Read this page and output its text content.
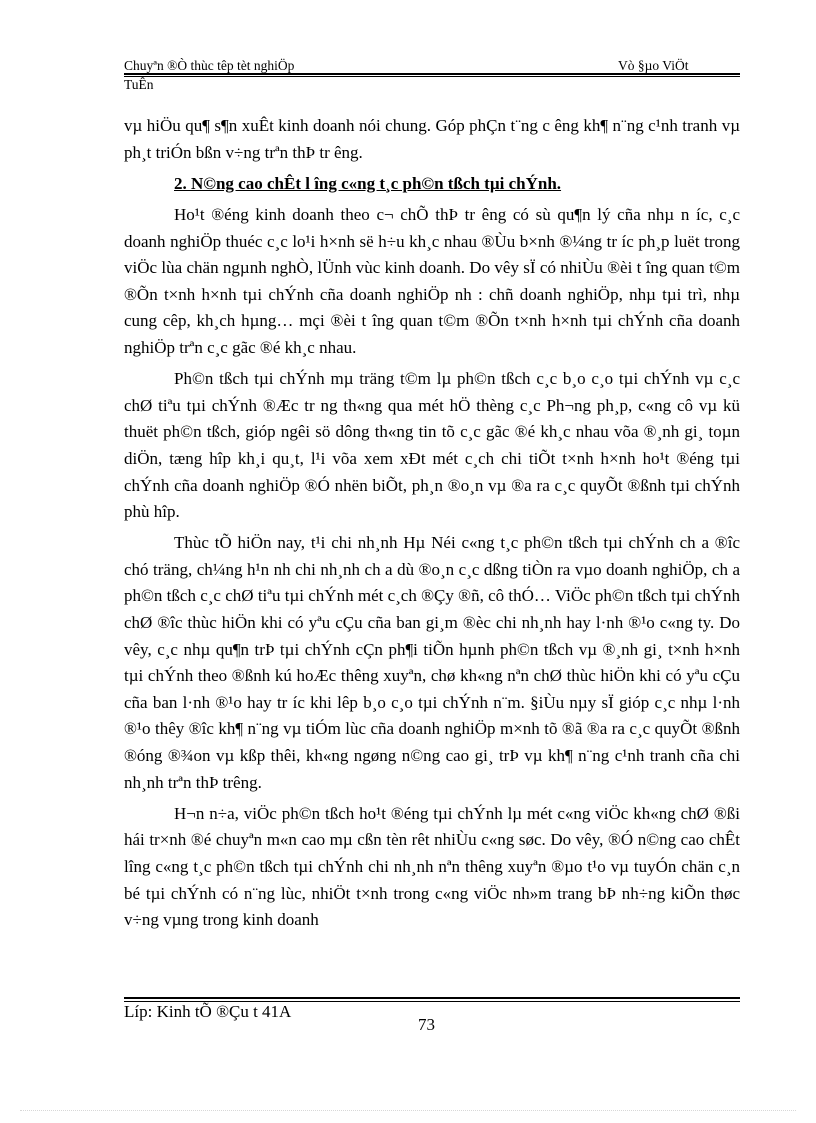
Chuyªn ®Ò thùc têp tèt nghiÖp	Vò §µo ViÖt
TuÊn

vµ hiÖu qu¶ s¶n xuÊt kinh doanh nói chung. Góp phÇn t¨ng c êng kh¶ n¨ng c¹nh tranh vµ ph¸t triÓn bßn v÷ng trªn thÞ tr êng.

2. N©ng cao chÊt l îng c«ng t¸c ph©n tßch tµi chÝnh.

Ho¹t ®éng kinh doanh theo c¬ chÕ thÞ tr êng có sù qu¶n lý cña nhµ n íc, c¸c doanh nghiÖp thuéc c¸c lo¹i h×nh së h÷u kh¸c nhau ®Ùu b×nh ®¼ng tr íc ph¸p luët trong viÖc lùa chän ngµnh nghÒ, lÜnh vùc kinh doanh. Do vêy sÏ có nhiÙu ®èi t îng quan t©m ®Õn t×nh h×nh tµi chÝnh cña doanh nghiÖp nh : chñ doanh nghiÖp, nhµ tµi trì, nhµ cung cêp, kh¸ch hµng… mçi ®èi t îng quan t©m ®Õn t×nh h×nh tµi chÝnh cña doanh nghiÖp trªn c¸c gãc ®é kh¸c nhau.

Ph©n tßch tµi chÝnh mµ träng t©m lµ ph©n tßch c¸c b¸o c¸o tµi chÝnh vµ c¸c chØ tiªu tµi chÝnh ®Æc tr ng th«ng qua mét hÖ thèng c¸c Ph¬ng ph¸p, c«ng cô vµ kü thuët ph©n tßch, gióp ngêi sö dông th«ng tin tõ c¸c gãc ®é kh¸c nhau võa ®¸nh gi¸ toµn diÖn, tæng hîp kh¸i qu¸t, l¹i võa xem xÐt mét c¸ch chi tiÕt t×nh h×nh ho¹t ®éng tµi chÝnh cña doanh nghiÖp ®Ó nhën biÕt, ph¸n ®o¸n vµ ®a ra c¸c quyÕt ®ßnh tµi chÝnh phù hîp.

Thùc tÕ hiÖn nay, t¹i chi nh¸nh Hµ Néi c«ng t¸c ph©n tßch tµi chÝnh ch a ®îc chó träng, ch¼ng h¹n nh chi nh¸nh ch a dù ®o¸n c¸c dßng tiÒn ra vµo doanh nghiÖp, ch a ph©n tßch c¸c chØ tiªu tµi chÝnh mét c¸ch ®Çy ®ñ, cô thÓ… ViÖc ph©n tßch tµi chÝnh chØ ®îc thùc hiÖn khi có yªu cÇu cña ban gi¸m ®èc chi nh¸nh hay l·nh ®¹o c«ng ty. Do vêy, c¸c nhµ qu¶n trÞ tµi chÝnh cÇn ph¶i tiÕn hµnh ph©n tßch vµ ®¸nh gi¸ t×nh h×nh tµi chÝnh theo ®ßnh kú hoÆc thêng xuyªn, chø kh«ng nªn chØ thùc hiÖn khi có yªu cÇu cña ban l·nh ®¹o hay tr íc khi lêp b¸o c¸o tµi chÝnh n¨m. §iÙu nµy sÏ gióp c¸c nhµ l·nh ®¹o thêy ®îc kh¶ n¨ng vµ tiÓm lùc cña doanh nghiÖp m×nh tõ ®ã ®a ra c¸c quyÕt ®ßnh ®óng ®¾on vµ kßp thêi, kh«ng ngøng n©ng cao gi¸ trÞ vµ kh¶ n¨ng c¹nh tranh cña chi nh¸nh trªn thÞ trêng.

H¬n n÷a, viÖc ph©n tßch ho¹t ®éng tµi chÝnh lµ mét c«ng viÖc kh«ng chØ ®ßi hái tr×nh ®é chuyªn m«n cao mµ cßn tèn rêt nhiÙu c«ng søc. Do vêy, ®Ó n©ng cao chÊt lîng c«ng t¸c ph©n tßch tµi chÝnh chi nh¸nh nªn thêng xuyªn ®µo t¹o vµ tuyÓn chän c¸n bé tµi chÝnh có n¨ng lùc, nhiÖt t×nh trong c«ng viÖc nh»m trang bÞ nh÷ng kiÕn thøc v÷ng vµng trong kinh doanh

Líp: Kinh tÕ ®Çu t 41A
73
